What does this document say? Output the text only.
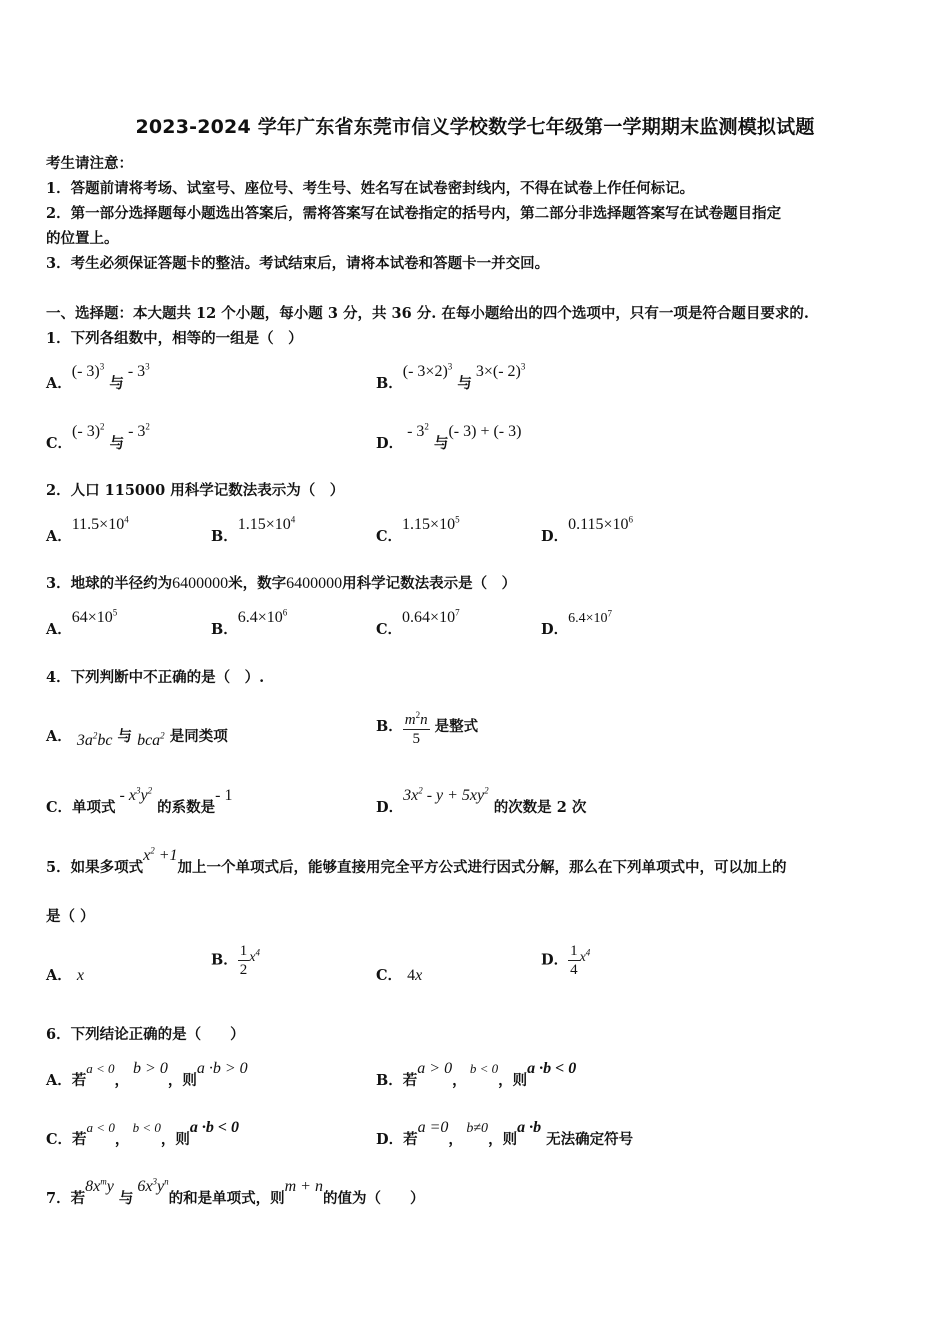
2023-2024 学年广东省东莞市信义学校数学七年级第一学期期末监测模拟试题
考生请注意：
1．答题前请将考场、试室号、座位号、考生号、姓名写在试卷密封线内，不得在试卷上作任何标记。
2．第一部分选择题每小题选出答案后，需将答案写在试卷指定的括号内，第二部分非选择题答案写在试卷题目指定
的位置上。
3．考生必须保证答题卡的整洁。考试结束后，请将本试卷和答题卡一并交回。
一、选择题：本大题共 12 个小题，每小题 3 分，共 36 分. 在每小题给出的四个选项中，只有一项是符合题目要求的.
1．下列各组数中，相等的一组是（　）
A．(- 3)$^3$ 与 - $3^3$
B．(- 3×2)$^3$ 与 3×(- 2)$^3$
C．(- 3)$^2$ 与 - $3^2$
D． - $3^2$ 与(- 3) + (- 3)
2．人口 115000 用科学记数法表示为（　）
A．$11.5\times 10^4$
B．$1.15\times 10^4$
C．$1.15\times 10^5$
D．$0.115\times 10^6$
3．地球的半径约为6400000米，数字6400000用科学记数法表示是（　）
A．$64\times 10^5$
B．$6.4\times 10^6$
C．$0.64\times 10^7$
D．$6.4\times 10^7$
4．下列判断中不正确的是（　）.
A． $3a^2bc$ 与 bca$^2$ 是同类项
B． $\frac{m^2n}{5}$ 是整式
C．单项式 - $x^3y^2$ 的系数是- 1
D．$3x^2 - y + 5xy^2$ 的次数是 2 次
5．如果多项式$x^2 +1$加上一个单项式后，能够直接用完全平方公式进行因式分解，那么在下列单项式中，可以加上的
是（ ）
A． x
B． $\frac{1}{2} x^4$
C． 4x
D． $\frac{1}{4} x^4$
6．下列结论正确的是（　　）
A．若a < 0， b > 0，则a ·b > 0
B．若a > 0， b < 0，则a ·b < 0
C．若a < 0， b < 0，则a ·b < 0
D．若a =0， b≠0，则a ·b 无法确定符号
7．若$8x^my$ 与 $6x^3y^n$的和是单项式，则m + n的值为（　　）
